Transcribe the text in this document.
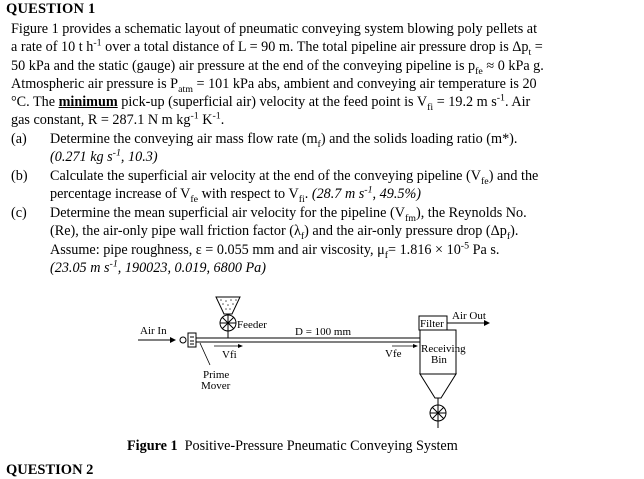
QUESTION 1
Figure 1 provides a schematic layout of pneumatic conveying system blowing poly pellets at
a rate of 10 t $h^{-1}$ over a total distance of L = 90 m. The total pipeline air pressure drop is $\Delta p_t$ =
50 kPa and the static (gauge) air pressure at the end of the conveying pipeline is $p_{fe} \approx 0$ kPa g.
Atmospheric air pressure is $P_{atm} = 101$ kPa abs, ambient and conveying air temperature is 20
°C. The minimum pick-up (superficial air) velocity at the feed point is $V_{fi} = 19.2$ m $s^{-1}$. Air
gas constant, R = 287.1 N m $kg^{-1}$ $K^{-1}$.
(a) Determine the conveying air mass flow rate $(m_f)$ and the solids loading ratio (m*).
(0.271 kg $s^{-1}$, 10.3)
(b) Calculate the superficial air velocity at the end of the conveying pipeline $(V_{fe})$ and the
percentage increase of $V_{fe}$ with respect to $V_{fi}$. (28.7 m $s^{-1}$, 49.5%)
(c) Determine the mean superficial air velocity for the pipeline $(V_{fm})$, the Reynolds No.
(Re), the air-only pipe wall friction factor $(\lambda_f)$ and the air-only pressure drop $(\Delta p_f)$.
Assume: pipe roughness, ε = 0.055 mm and air viscosity, $\mu_f= 1.816 \times 10^{-5}$ Pa s.
(23.05 m $s^{-1}$, 190023, 0.019, 6800 Pa)
Air In
Prime
Mover
Feeder
Vfi
D = 100 mm
Vfe Receiving
Bin
Filter
Air Out
Figure 1 Positive-Pressure Pneumatic Conveying System
QUESTION 2
